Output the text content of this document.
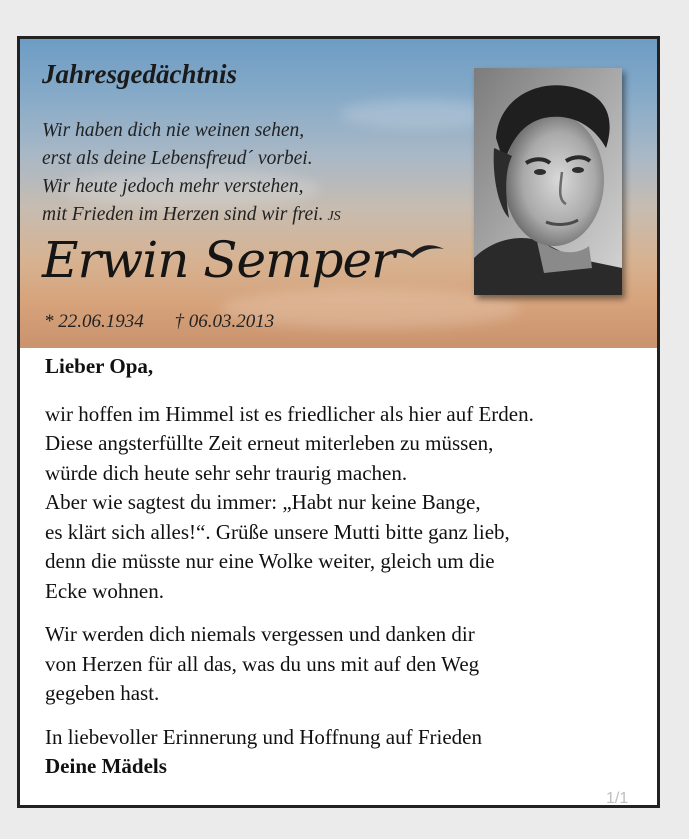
Jahresgedächtnis
Wir haben dich nie weinen sehen,
erst als deine Lebensfreud´ vorbei.
Wir heute jedoch mehr verstehen,
mit Frieden im Herzen sind wir frei. JS
Erwin Semper
* 22.06.1934 † 06.03.2013

Lieber Opa,

wir hoffen im Himmel ist es friedlicher als hier auf Erden.
Diese angsterfüllte Zeit erneut miterleben zu müssen,
würde dich heute sehr sehr traurig machen.
Aber wie sagtest du immer: „Habt nur keine Bange,
es klärt sich alles!“. Grüße unsere Mutti bitte ganz lieb,
denn die müsste nur eine Wolke weiter, gleich um die
Ecke wohnen.

Wir werden dich niemals vergessen und danken dir
von Herzen für all das, was du uns mit auf den Weg
gegeben hast.

In liebevoller Erinnerung und Hoffnung auf Frieden

Deine Mädels

1/1
